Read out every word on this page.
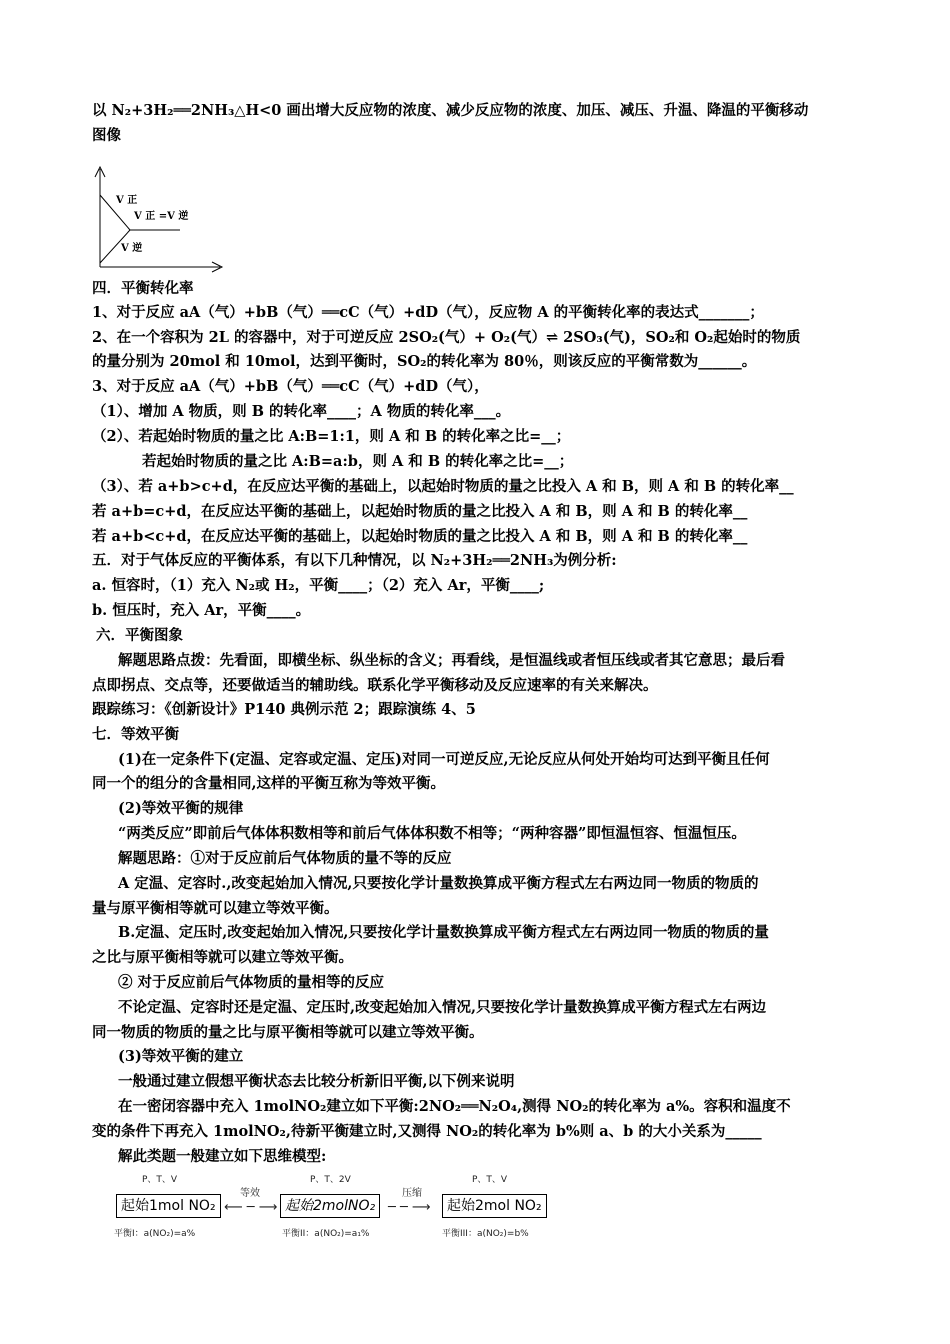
以 N₂+3H₂══2NH₃△H<0 画出增大反应物的浓度、减少反应物的浓度、加压、减压、升温、降温的平衡移动
图像
V 正
V 正 =V 逆
V 逆
四．平衡转化率
1、对于反应 aA（气）+bB（气）══cC（气）+dD（气），反应物 A 的平衡转化率的表达式_______；
2、在一个容积为 2L 的容器中，对于可逆反应 2SO₂(气）+ O₂(气）⇌ 2SO₃(气)，SO₂和 O₂起始时的物质
的量分别为 20mol 和 10mol，达到平衡时，SO₂的转化率为 80％，则该反应的平衡常数为______。
3、对于反应 aA（气）+bB（气）══cC（气）+dD（气），
（1）、增加 A 物质，则 B 的转化率____；A 物质的转化率___。
（2）、若起始时物质的量之比 A:B=1:1，则 A 和 B 的转化率之比=__；
若起始时物质的量之比 A:B=a:b，则 A 和 B 的转化率之比=__；
（3）、若 a+b>c+d，在反应达平衡的基础上，以起始时物质的量之比投入 A 和 B，则 A 和 B 的转化率__
若 a+b=c+d，在反应达平衡的基础上，以起始时物质的量之比投入 A 和 B，则 A 和 B 的转化率__
若 a+b<c+d，在反应达平衡的基础上，以起始时物质的量之比投入 A 和 B，则 A 和 B 的转化率__
五．对于气体反应的平衡体系，有以下几种情况，以 N₂+3H₂══2NH₃为例分析:
a. 恒容时，（1）充入 N₂或 H₂，平衡____；（2）充入 Ar，平衡____;
b. 恒压时，充入 Ar，平衡____。
六．平衡图象
解题思路点拨：先看面，即横坐标、纵坐标的含义；再看线，是恒温线或者恒压线或者其它意思；最后看
点即拐点、交点等，还要做适当的辅助线。联系化学平衡移动及反应速率的有关来解决。
跟踪练习：《创新设计》P140 典例示范 2；跟踪演练 4、5
七．等效平衡
(1)在一定条件下(定温、定容或定温、定压)对同一可逆反应,无论反应从何处开始均可达到平衡且任何
同一个的组分的含量相同,这样的平衡互称为等效平衡。
(2)等效平衡的规律
“两类反应”即前后气体体积数相等和前后气体体积数不相等；“两种容器”即恒温恒容、恒温恒压。
解题思路：①对于反应前后气体物质的量不等的反应
A 定温、定容时.,改变起始加入情况,只要按化学计量数换算成平衡方程式左右两边同一物质的物质的
量与原平衡相等就可以建立等效平衡。
B.定温、定压时,改变起始加入情况,只要按化学计量数换算成平衡方程式左右两边同一物质的物质的量
之比与原平衡相等就可以建立等效平衡。
② 对于反应前后气体物质的量相等的反应
不论定温、定容时还是定温、定压时,改变起始加入情况,只要按化学计量数换算成平衡方程式左右两边
同一物质的物质的量之比与原平衡相等就可以建立等效平衡。
(3)等效平衡的建立
一般通过建立假想平衡状态去比较分析新旧平衡,以下例来说明
在一密闭容器中充入 1molNO₂建立如下平衡:2NO₂══N₂O₄,测得 NO₂的转化率为 a%。容积和温度不
变的条件下再充入 1molNO₂,待新平衡建立时,又测得 NO₂的转化率为 b%则 a、b 的大小关系为_____
解此类题一般建立如下思维模型:
P、T、V
起始1mol NO₂
平衡I：a(NO₂)=a%
等效
⟵ ─ ⟶
P、T、2V
起始2molNO₂
平衡II：a(NO₂)=a₁%
压缩
─ ─ ⟶
P、T、V
起始2mol NO₂
平衡III：a(NO₂)=b%
